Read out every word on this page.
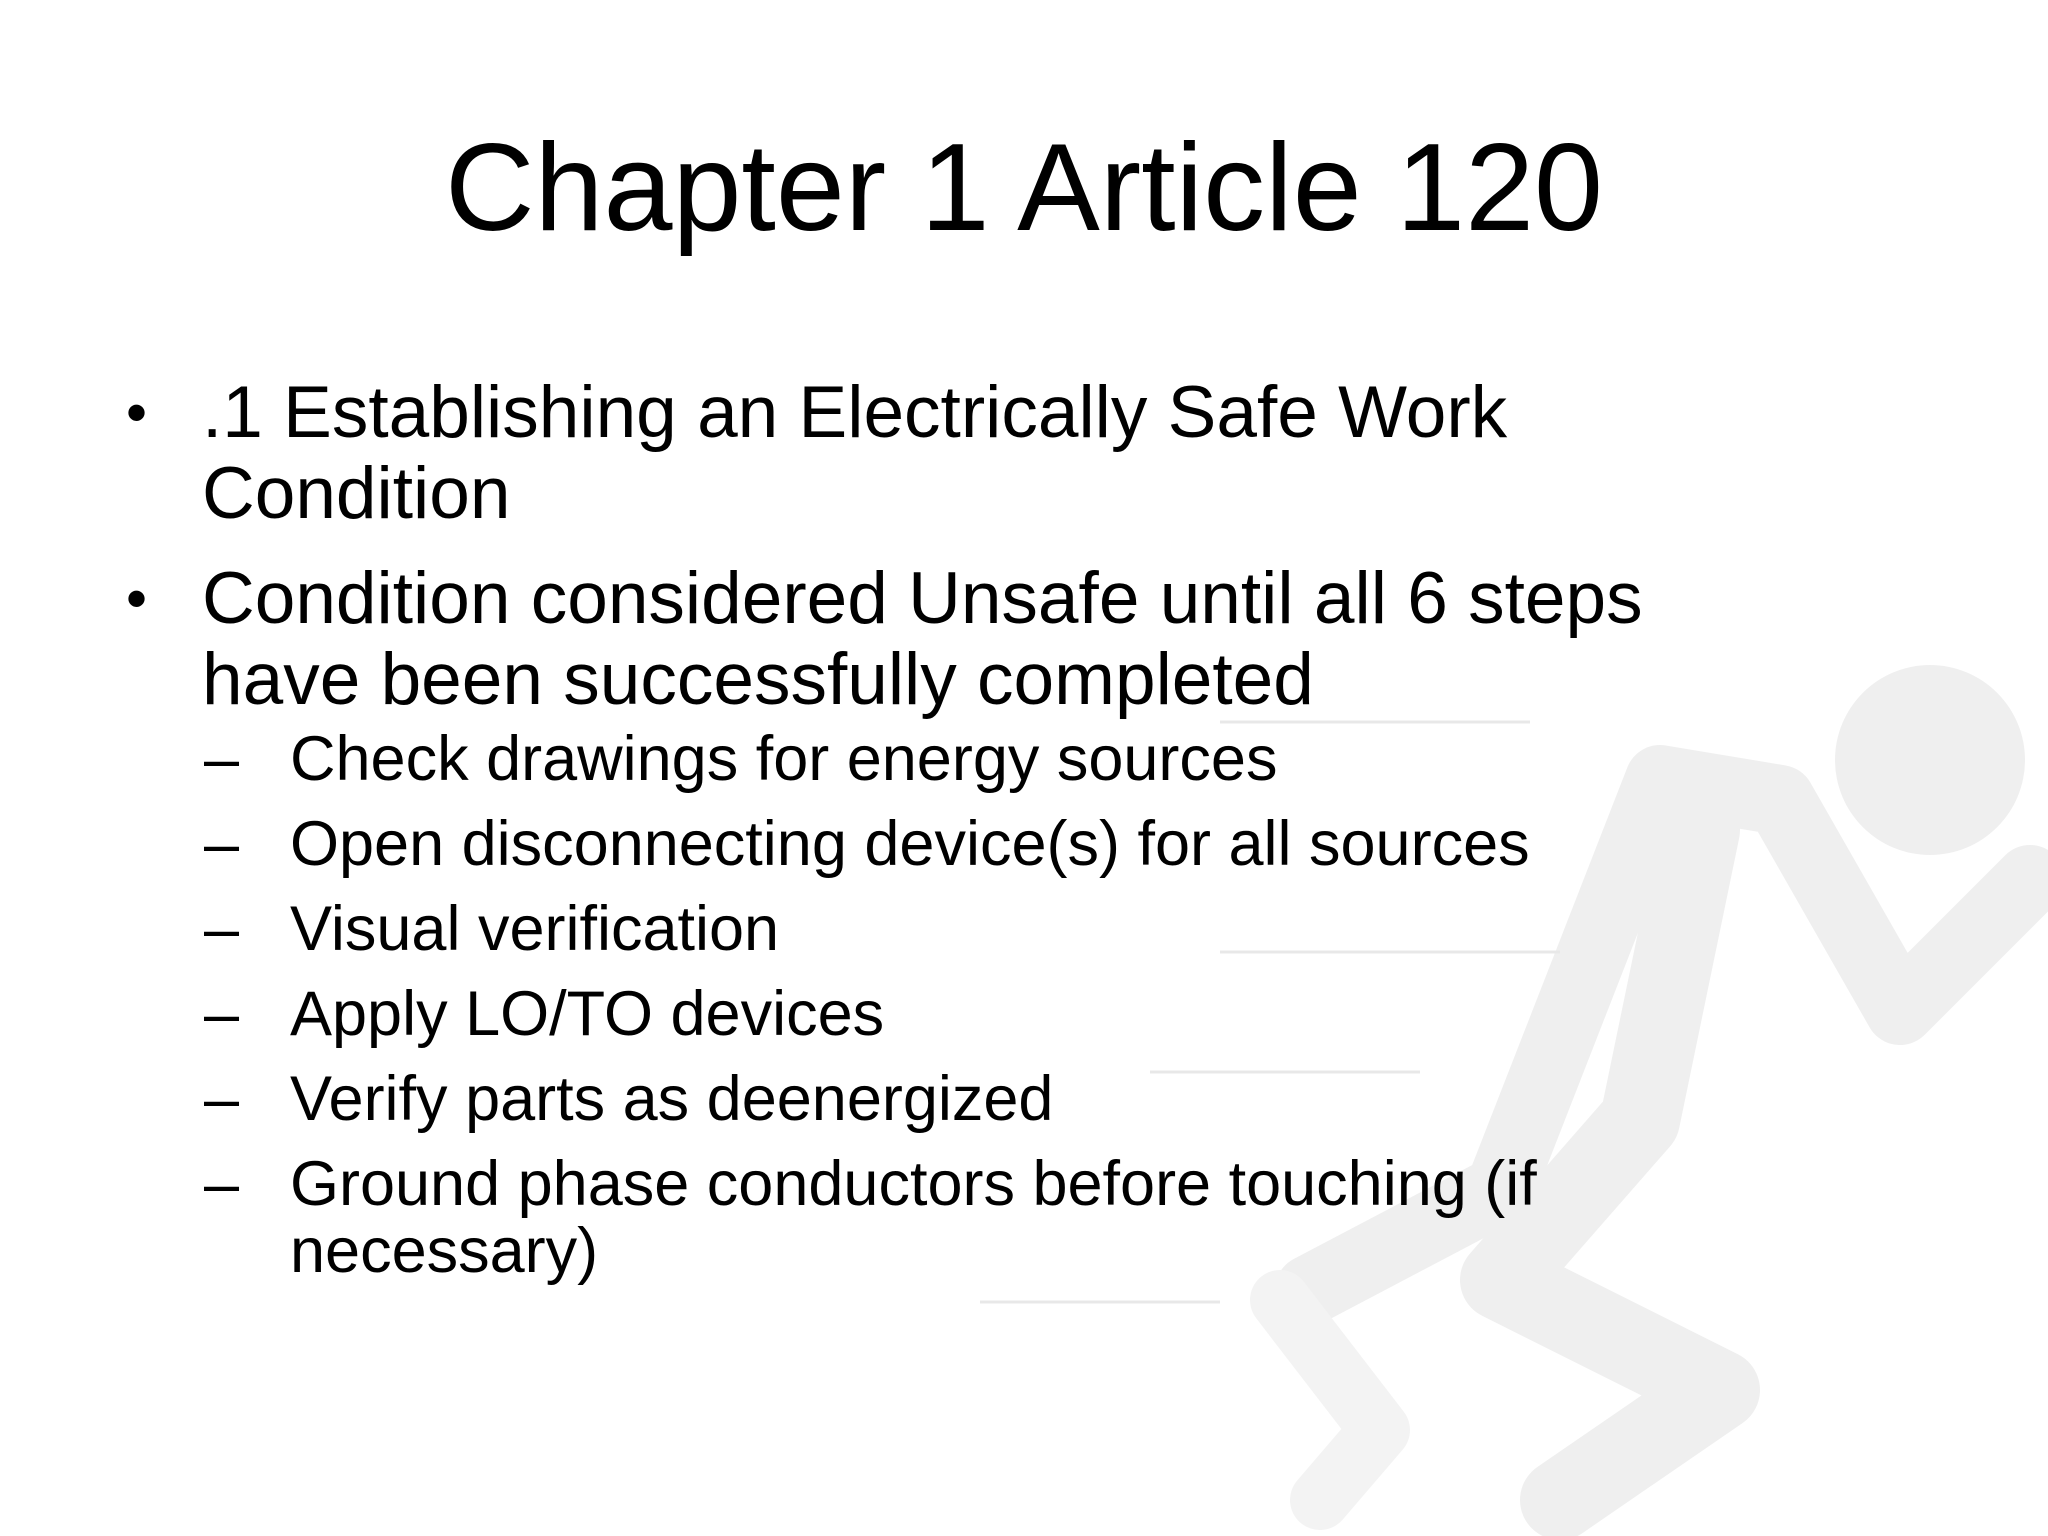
Chapter 1 Article 120
• .1 Establishing an Electrically Safe Work Condition
• Condition considered Unsafe until all 6 steps have been successfully completed
– Check drawings for energy sources
– Open disconnecting device(s) for all sources
– Visual verification
– Apply LO/TO devices
– Verify parts as deenergized
– Ground phase conductors before touching (if necessary)
